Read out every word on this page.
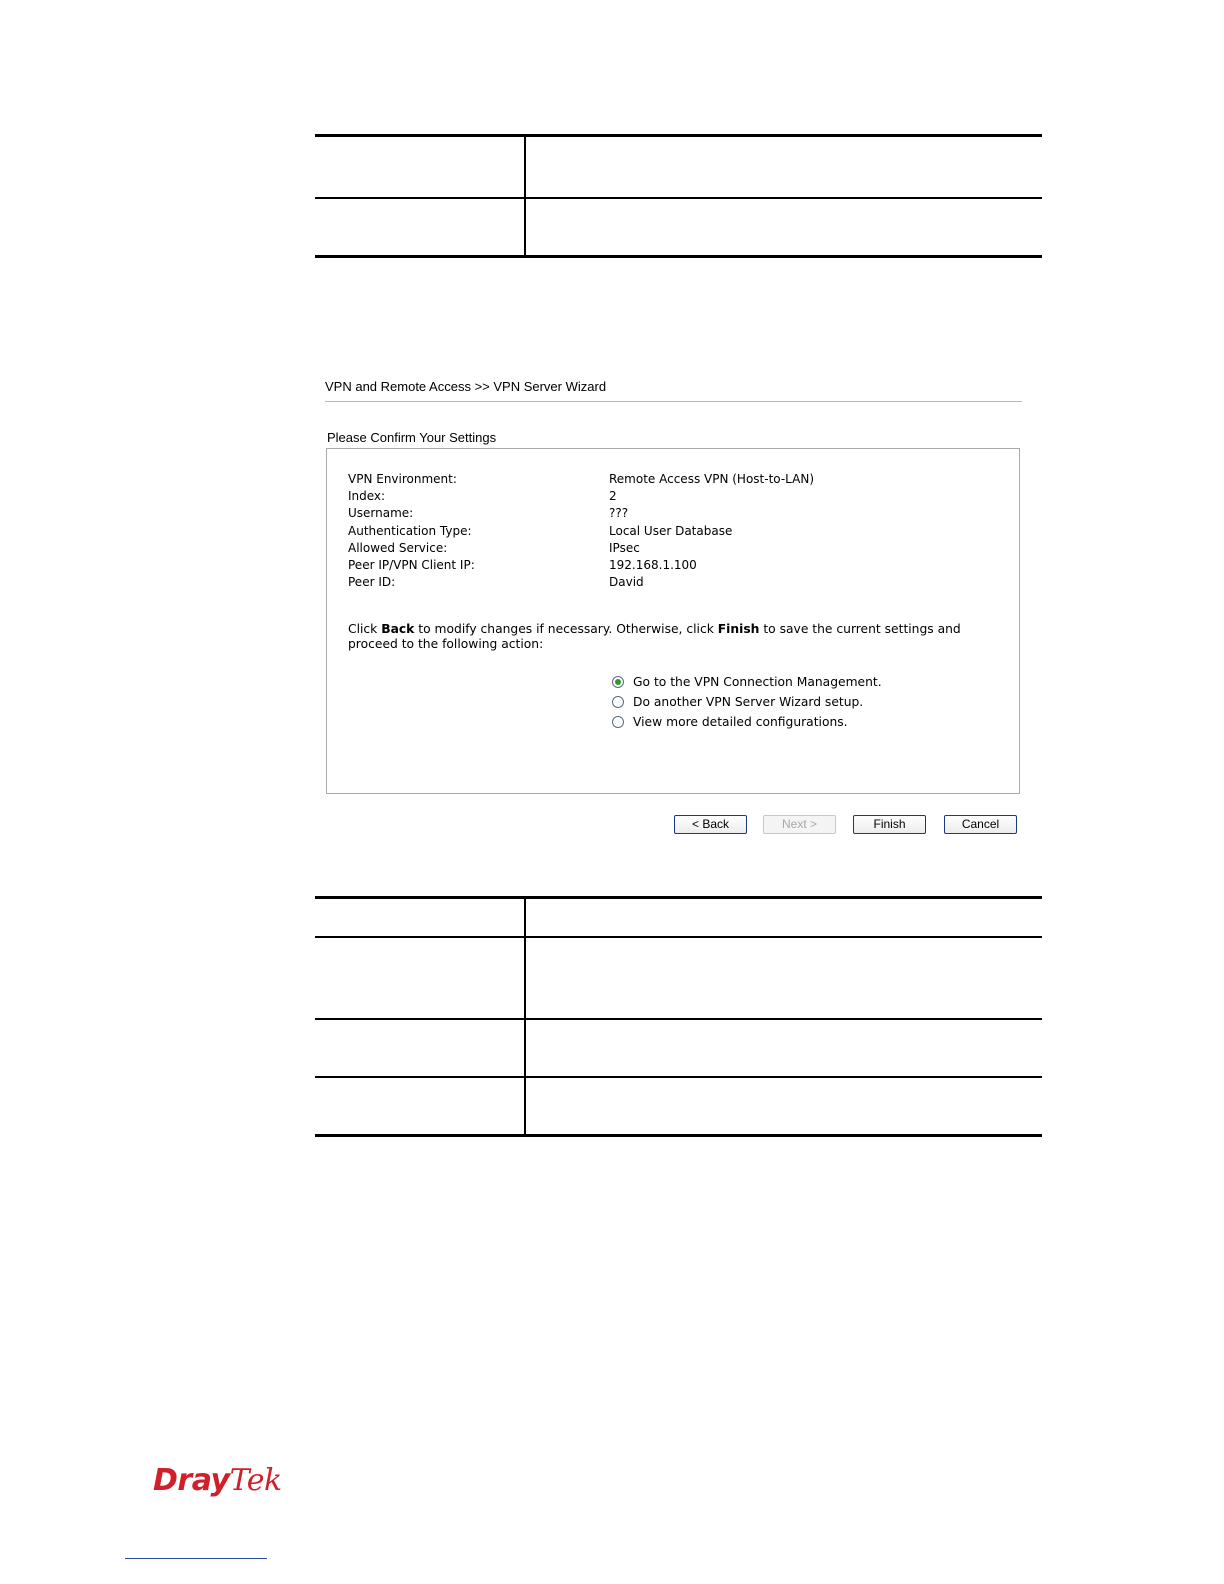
VPN and Remote Access >> VPN Server Wizard
Please Confirm Your Settings
VPN Environment:	Remote Access VPN (Host-to-LAN)
Index:	2
Username:	???
Authentication Type:	Local User Database
Allowed Service:	IPsec
Peer IP/VPN Client IP:	192.168.1.100
Peer ID:	David
Click Back to modify changes if necessary. Otherwise, click Finish to save the current settings and proceed to the following action:
Go to the VPN Connection Management.
Do another VPN Server Wizard setup.
View more detailed configurations.
< Back	Next >	Finish	Cancel
DrayTek
